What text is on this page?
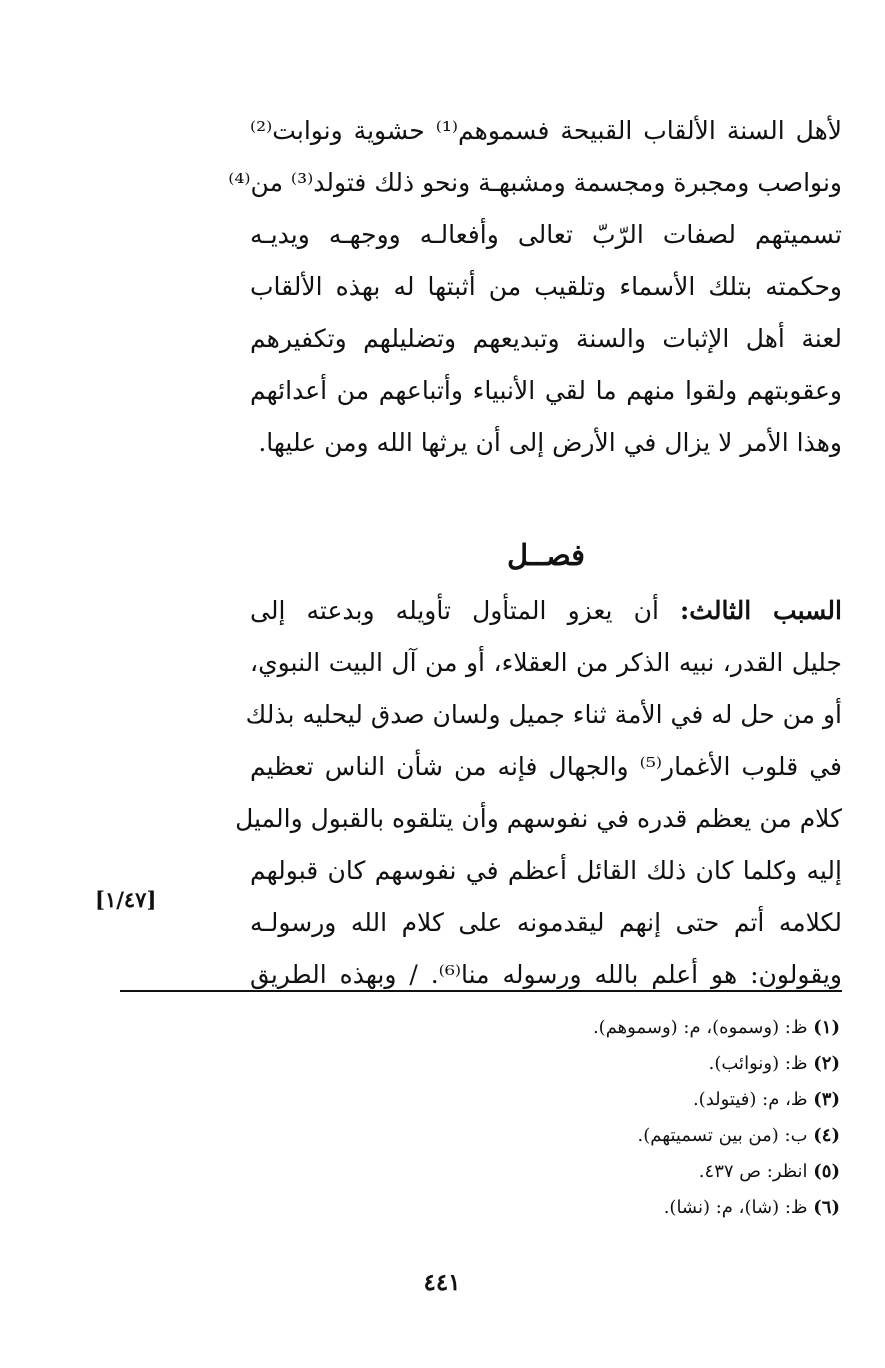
لأهل السنة الألقاب القبيحة فسموهم⁽¹⁾ حشوية ونوابت⁽²⁾
ونواصب ومجبرة ومجسمة ومشبهـة ونحو ذلك فتولد⁽³⁾ من⁽⁴⁾
تسميتهم لصفات الرّبّ تعالى وأفعالـه ووجهـه ويديـه
وحكمته بتلك الأسماء وتلقيب من أثبتها له بهذه الألقاب
لعنة أهل الإثبات والسنة وتبديعهم وتضليلهم وتكفيرهم
وعقوبتهم ولقوا منهم ما لقي الأنبياء وأتباعهم من أعدائهم
وهذا الأمر لا يزال في الأرض إلى أن يرثها الله ومن عليها.
فصــل
السبب الثالث: أن يعزو المتأول تأويله وبدعته إلى
جليل القدر، نبيه الذكر من العقلاء، أو من آل البيت النبوي،
أو من حل له في الأمة ثناء جميل ولسان صدق ليحليه بذلك
في قلوب الأغمار⁽⁵⁾ والجهال فإنه من شأن الناس تعظيم
كلام من يعظم قدره في نفوسهم وأن يتلقوه بالقبول والميل
إليه وكلما كان ذلك القائل أعظم في نفوسهم كان قبولهم
لكلامه أتم حتى إنهم ليقدمونه على كلام الله ورسولـه
ويقولون: هو أعلم بالله ورسوله منا⁽⁶⁾. / وبهذه الطريق
[١/٤٧]
(١) ظ: (وسموه)، م: (وسموهم).
(٢) ظ: (ونوائب).
(٣) ظ، م: (فيتولد).
(٤) ب: (من بين تسميتهم).
(٥) انظر: ص ٤٣٧.
(٦) ظ: (شا)، م: (نشا).
٤٤١
